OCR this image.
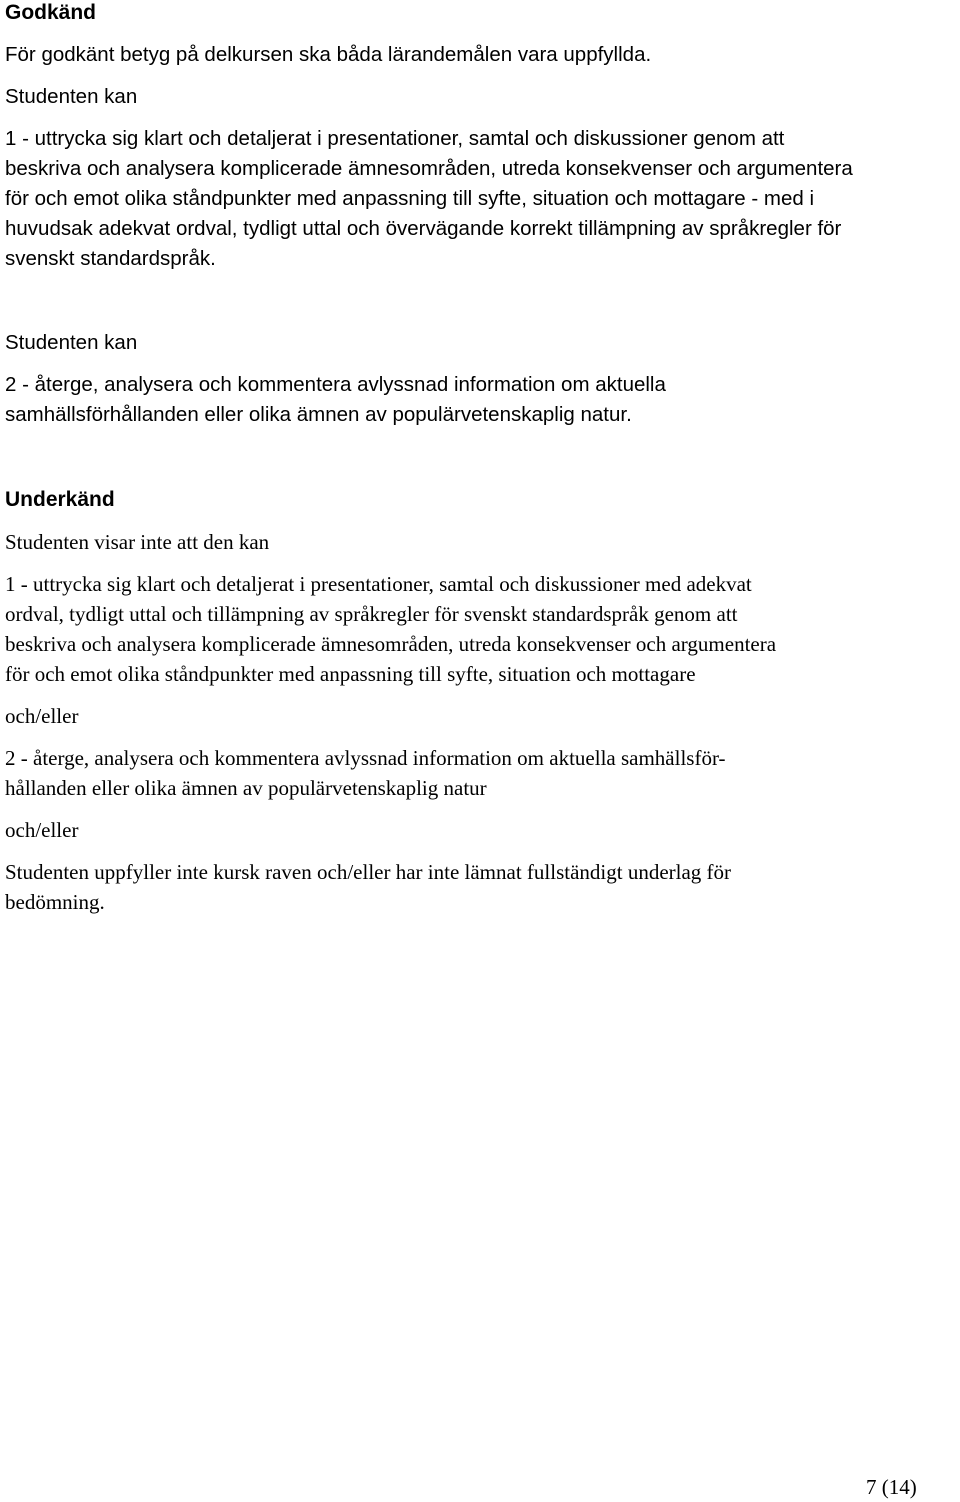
Godkänd
För godkänt betyg på delkursen ska båda lärandemålen vara uppfyllda.
Studenten kan
1 - uttrycka sig klart och detaljerat i presentationer, samtal och diskussioner genom att
beskriva och analysera komplicerade ämnesområden, utreda konsekvenser och argumentera
för och emot olika ståndpunkter med anpassning till syfte, situation och mottagare - med i
huvudsak adekvat ordval, tydligt uttal och övervägande korrekt tillämpning av språkregler för
svenskt standardspråk.
Studenten kan
2 - återge, analysera och kommentera avlyssnad information om aktuella
samhällsförhållanden eller olika ämnen av populärvetenskaplig natur.
Underkänd
Studenten visar inte att den kan
1 - uttrycka sig klart och detaljerat i presentationer, samtal och diskussioner med adekvat
ordval, tydligt uttal och tillämpning av språkregler för svenskt standardspråk genom att
beskriva och analysera komplicerade ämnesområden, utreda konsekvenser och argumentera
för och emot olika ståndpunkter med anpassning till syfte, situation och mottagare
och/eller
2 - återge, analysera och kommentera avlyssnad information om aktuella samhällsför-
hållanden eller olika ämnen av populärvetenskaplig natur
och/eller
Studenten uppfyller inte kursk raven och/eller har inte lämnat fullständigt underlag för
bedömning.
7 (14)
